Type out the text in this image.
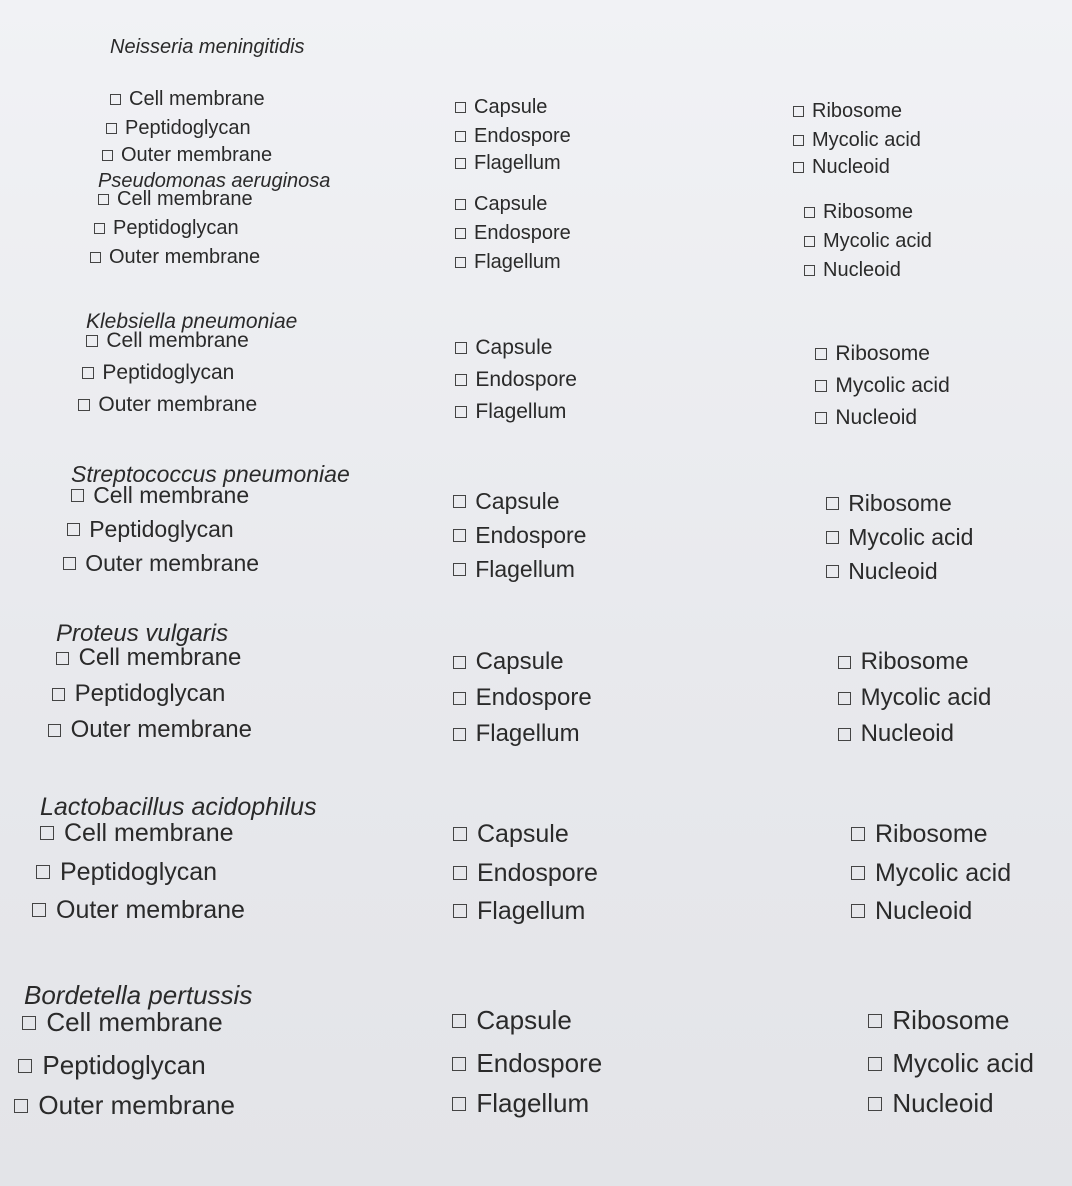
Neisseria meningitidis
Cell membrane
Peptidoglycan
Outer membrane
Capsule
Endospore
Flagellum
Ribosome
Mycolic acid
Nucleoid
Pseudomonas aeruginosa
Cell membrane
Peptidoglycan
Outer membrane
Capsule
Endospore
Flagellum
Ribosome
Mycolic acid
Nucleoid
Klebsiella pneumoniae
Cell membrane
Peptidoglycan
Outer membrane
Capsule
Endospore
Flagellum
Ribosome
Mycolic acid
Nucleoid
Streptococcus pneumoniae
Cell membrane
Peptidoglycan
Outer membrane
Capsule
Endospore
Flagellum
Ribosome
Mycolic acid
Nucleoid
Proteus vulgaris
Cell membrane
Peptidoglycan
Outer membrane
Capsule
Endospore
Flagellum
Ribosome
Mycolic acid
Nucleoid
Lactobacillus acidophilus
Cell membrane
Peptidoglycan
Outer membrane
Capsule
Endospore
Flagellum
Ribosome
Mycolic acid
Nucleoid
Bordetella pertussis
Cell membrane
Peptidoglycan
Outer membrane
Capsule
Endospore
Flagellum
Ribosome
Mycolic acid
Nucleoid
